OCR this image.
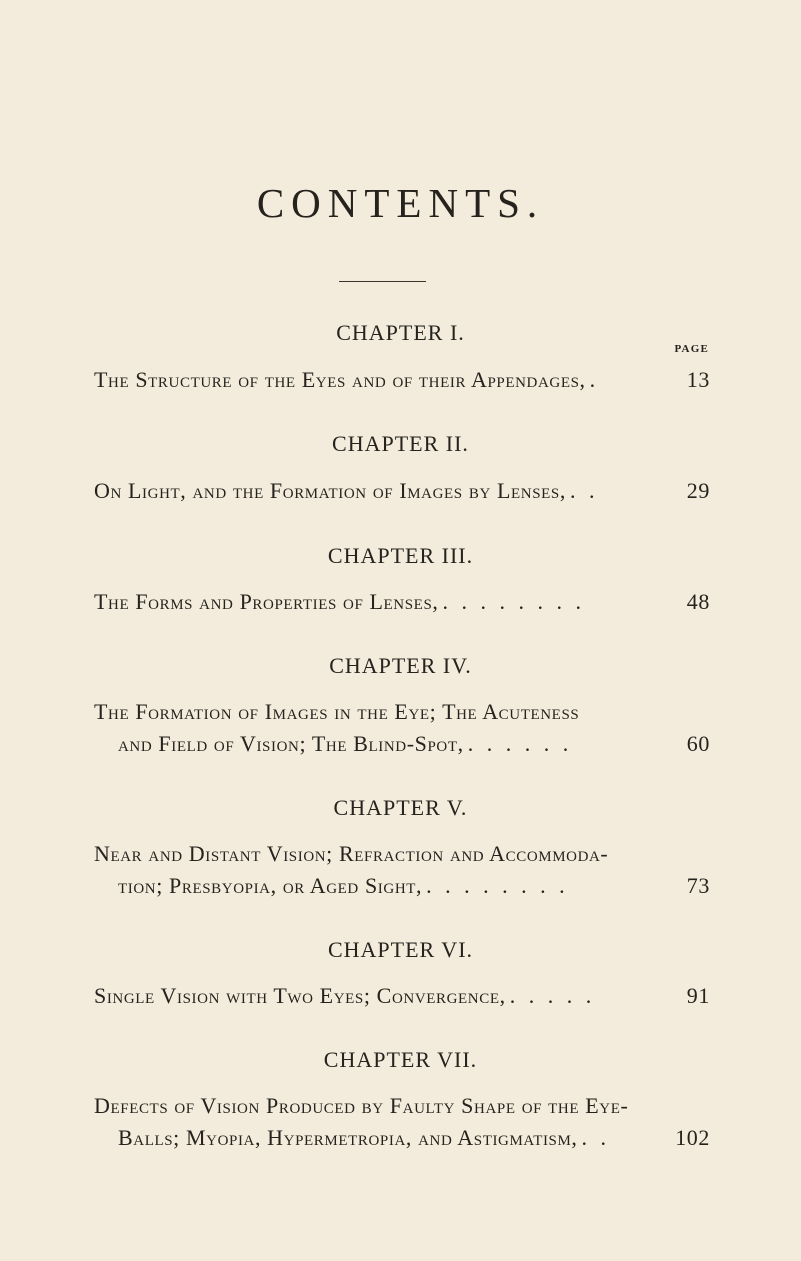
CONTENTS.
CHAPTER I.
PAGE
The Structure of the Eyes and of their Appendages, .	13
CHAPTER II.
On Light, and the Formation of Images by Lenses, . .	29
CHAPTER III.
The Forms and Properties of Lenses, . . . . . . . .	48
CHAPTER IV.
The Formation of Images in the Eye; The Acuteness
and Field of Vision; The Blind-Spot, . . . . . .	60
CHAPTER V.
Near and Distant Vision; Refraction and Accommoda-
tion; Presbyopia, or Aged Sight, . . . . . . . .	73
CHAPTER VI.
Single Vision with Two Eyes; Convergence, . . . . .	91
CHAPTER VII.
Defects of Vision Produced by Faulty Shape of the Eye-
Balls; Myopia, Hypermetropia, and Astigmatism, . .	102
